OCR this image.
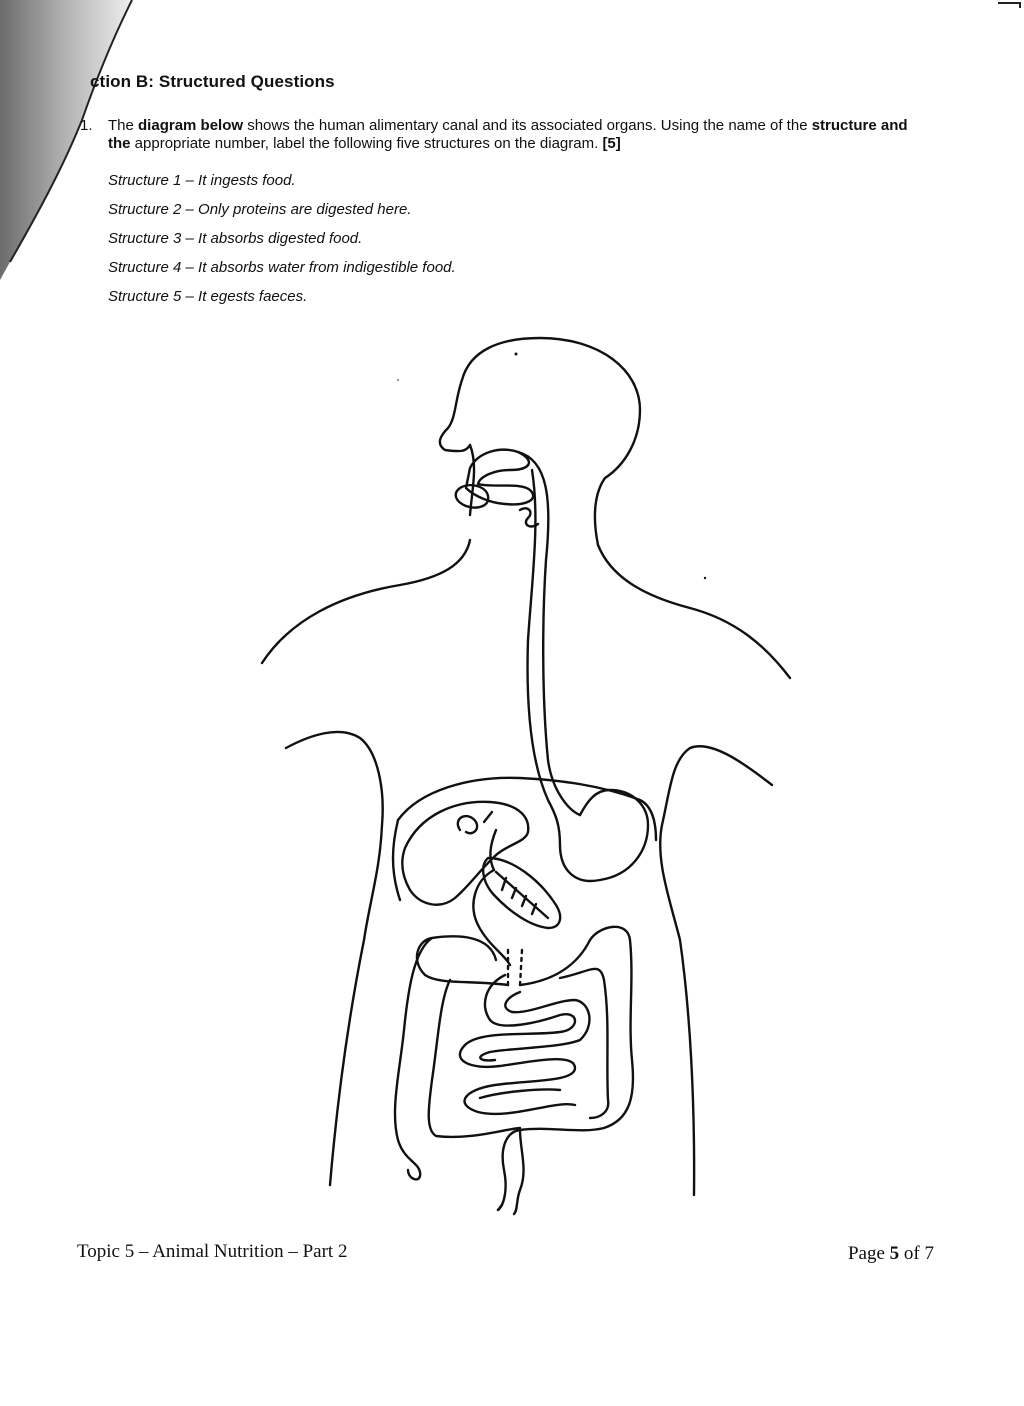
ction B: Structured Questions
1. The diagram below shows the human alimentary canal and its associated organs. Using the name of the structure and the appropriate number, label the following five structures on the diagram. [5]
Structure 1 – It ingests food.
Structure 2 – Only proteins are digested here.
Structure 3 – It absorbs digested food.
Structure 4 – It absorbs water from indigestible food.
Structure 5 – It egests faeces.
Topic 5 – Animal Nutrition – Part 2	Page 5 of 7
